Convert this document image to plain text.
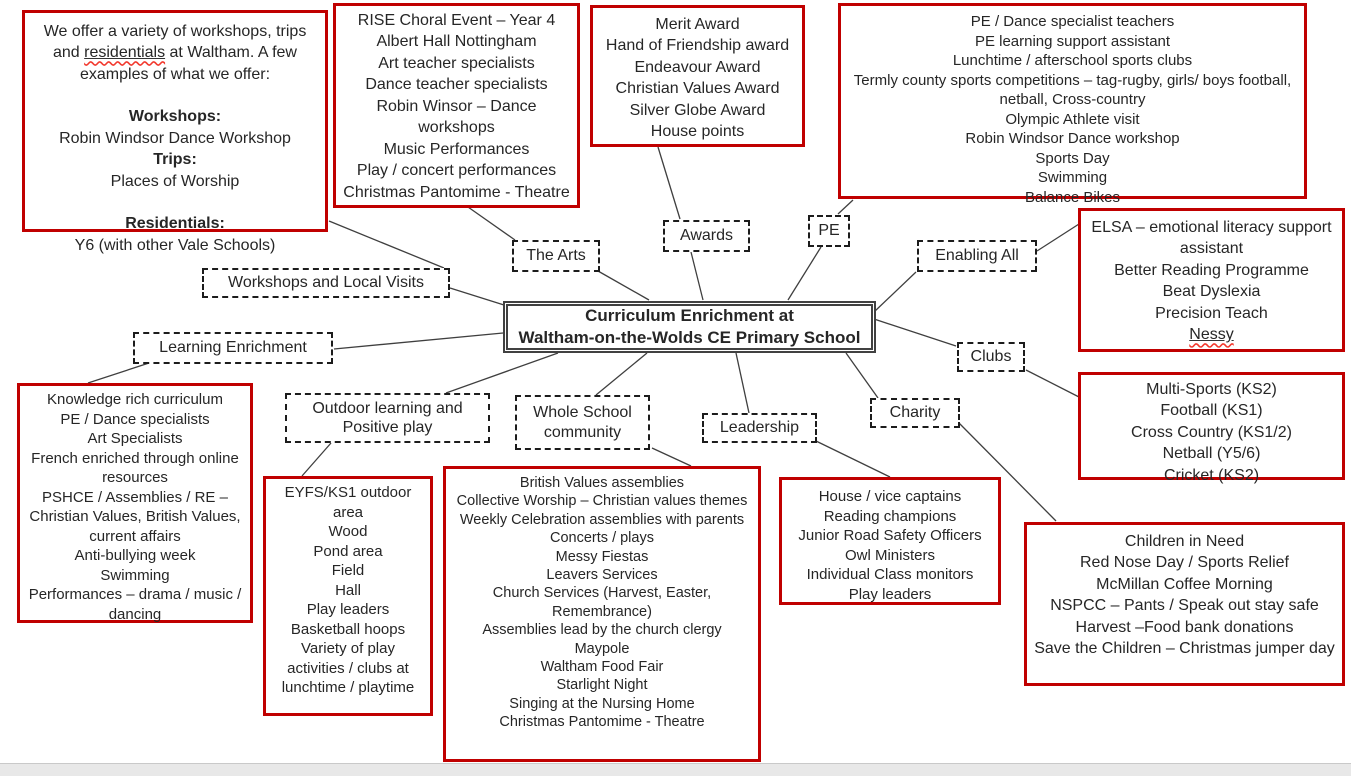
We offer a variety of workshops, trips and residentials at Waltham. A few examples of what we offer:
Workshops:
Robin Windsor Dance Workshop
Trips:
Places of Worship
Residentials:
Y6 (with other Vale Schools)
RISE Choral Event – Year 4
Albert Hall Nottingham
Art teacher specialists
Dance teacher specialists
Robin Winsor – Dance workshops
Music Performances
Play / concert performances
Christmas Pantomime - Theatre
Merit Award
Hand of Friendship award
Endeavour Award
Christian Values Award
Silver Globe Award
House points
PE / Dance specialist teachers
PE learning support assistant
Lunchtime / afterschool sports clubs
Termly county sports competitions – tag-rugby, girls/ boys football, netball, Cross-country
Olympic Athlete visit
Robin Windsor Dance workshop
Sports Day
Swimming
Balance Bikes
ELSA – emotional literacy support assistant
Better Reading Programme
Beat Dyslexia
Precision Teach
Nessy
Multi-Sports (KS2)
Football (KS1)
Cross Country (KS1/2)
Netball (Y5/6)
Cricket (KS2)
Children in Need
Red Nose Day / Sports Relief
McMillan Coffee Morning
NSPCC – Pants / Speak out stay safe
Harvest –Food bank donations
Save the Children – Christmas jumper day
Knowledge rich curriculum
PE / Dance specialists
Art Specialists
French enriched through online resources
PSHCE / Assemblies / RE – Christian Values, British Values, current affairs
Anti-bullying week
Swimming
Performances – drama / music / dancing
EYFS/KS1 outdoor area
Wood
Pond area
Field
Hall
Play leaders
Basketball hoops
Variety of play activities / clubs at lunchtime / playtime
British Values assemblies
Collective Worship – Christian values themes
Weekly Celebration assemblies with parents
Concerts / plays
Messy Fiestas
Leavers Services
Church Services (Harvest, Easter, Remembrance)
Assemblies lead by the church clergy
Maypole
Waltham Food Fair
Starlight Night
Singing at the Nursing Home
Christmas Pantomime - Theatre
House / vice captains
Reading champions
Junior Road Safety Officers
Owl Ministers
Individual Class monitors
Play leaders
The Arts
Awards	PE
Enabling All
Clubs
Charity
Leadership
Whole School community
Outdoor learning and Positive play
Learning Enrichment
Workshops and Local Visits
Curriculum Enrichment at
Waltham-on-the-Wolds CE Primary School
